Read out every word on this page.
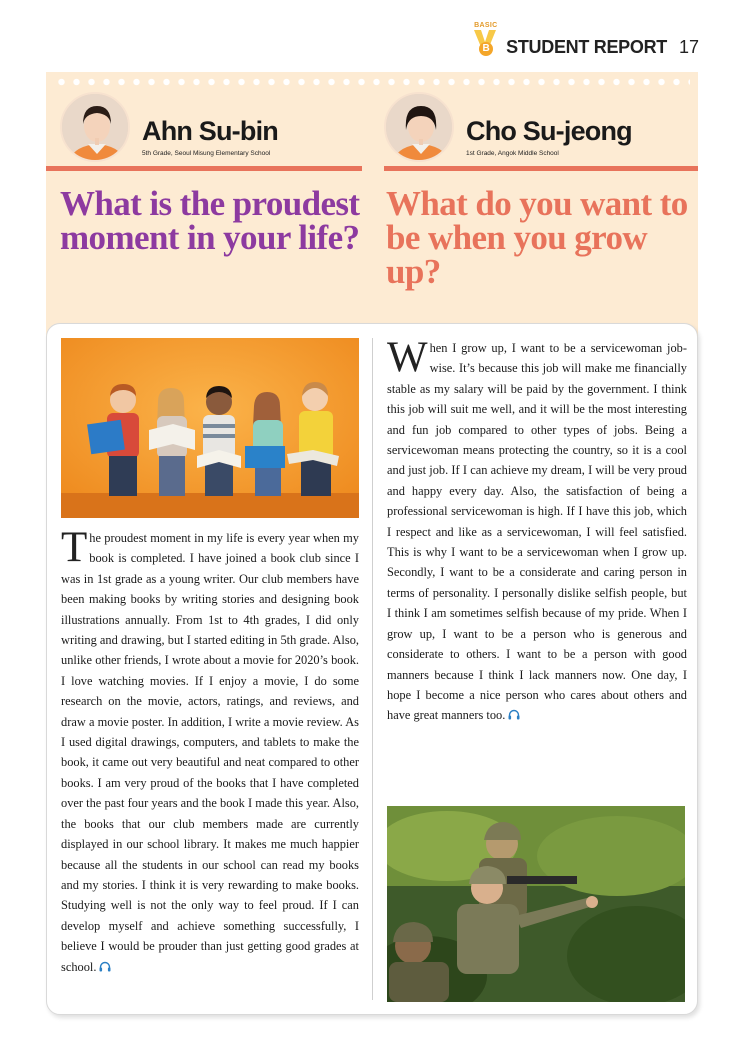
BASIC
B STUDENT REPORT 17
Ahn Su-bin
5th Grade, Seoul Misung Elementary School
Cho Su-jeong
1st Grade, Angok Middle School
What is the proudest moment in your life?
What do you want to be when you grow up?
The proudest moment in my life is every year when my book is completed. I have joined a book club since I was in 1st grade as a young writer. Our club members have been making books by writing stories and designing book illustrations annually. From 1st to 4th grades, I did only writing and drawing, but I started editing in 5th grade. Also, unlike other friends, I wrote about a movie for 2020’s book. I love watching movies. If I enjoy a movie, I do some research on the movie, actors, ratings, and reviews, and draw a movie poster. In addition, I write a movie review. As I used digital drawings, computers, and tablets to make the book, it came out very beautiful and neat compared to other books. I am very proud of the books that I have completed over the past four years and the book I made this year. Also, the books that our club members made are currently displayed in our school library. It makes me much happier because all the students in our school can read my books and my stories. I think it is very rewarding to make books. Studying well is not the only way to feel proud. If I can develop myself and achieve something successfully, I believe I would be prouder than just getting good grades at school.
When I grow up, I want to be a servicewoman job-wise. It’s because this job will make me financially stable as my salary will be paid by the government. I think this job will suit me well, and it will be the most interesting and fun job compared to other types of jobs. Being a servicewoman means protecting the country, so it is a cool and just job. If I can achieve my dream, I will be very proud and happy every day. Also, the satisfaction of being a professional servicewoman is high. If I have this job, which I respect and like as a servicewoman, I will feel satisfied. This is why I want to be a servicewoman when I grow up. Secondly, I want to be a considerate and caring person in terms of personality. I personally dislike selfish people, but I think I am sometimes selfish because of my pride. When I grow up, I want to be a person who is generous and considerate to others. I want to be a person with good manners because I think I lack manners now. One day, I hope I become a nice person who cares about others and have great manners too.
